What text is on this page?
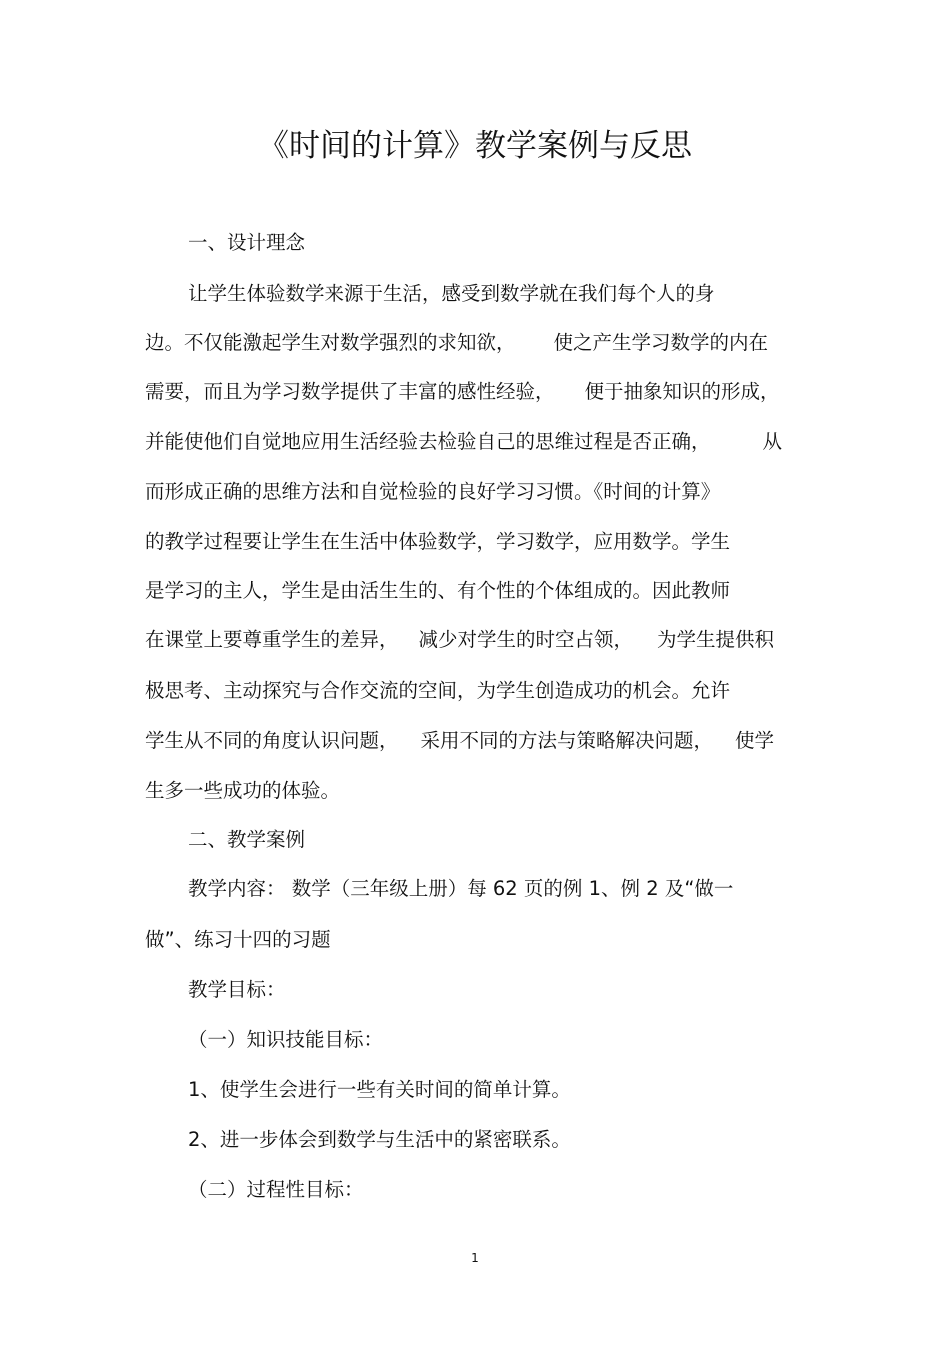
《时间的计算》教学案例与反思
一、设计理念
让学生体验数学来源于生活，感受到数学就在我们每个人的身
边。不仅能激起学生对数学强烈的求知欲， 使之产生学习数学的内在
需要，而且为学习数学提供了丰富的感性经验， 便于抽象知识的形成，
并能使他们自觉地应用生活经验去检验自己的思维过程是否正确，	从
而形成正确的思维方法和自觉检验的良好学习习惯。《时间的计算》
的教学过程要让学生在生活中体验数学，学习数学，应用数学。学生
是学习的主人，学生是由活生生的、有个性的个体组成的。因此教师
在课堂上要尊重学生的差异， 减少对学生的时空占领， 为学生提供积
极思考、主动探究与合作交流的空间，为学生创造成功的机会。允许
学生从不同的角度认识问题， 采用不同的方法与策略解决问题， 使学
生多一些成功的体验。
二、教学案例
教学内容： 数学（三年级上册）每 62 页的例 1、例 2 及“做一
做”、练习十四的习题
教学目标：
（一）知识技能目标：
1、使学生会进行一些有关时间的简单计算。
2、进一步体会到数学与生活中的紧密联系。
（二）过程性目标：
1
